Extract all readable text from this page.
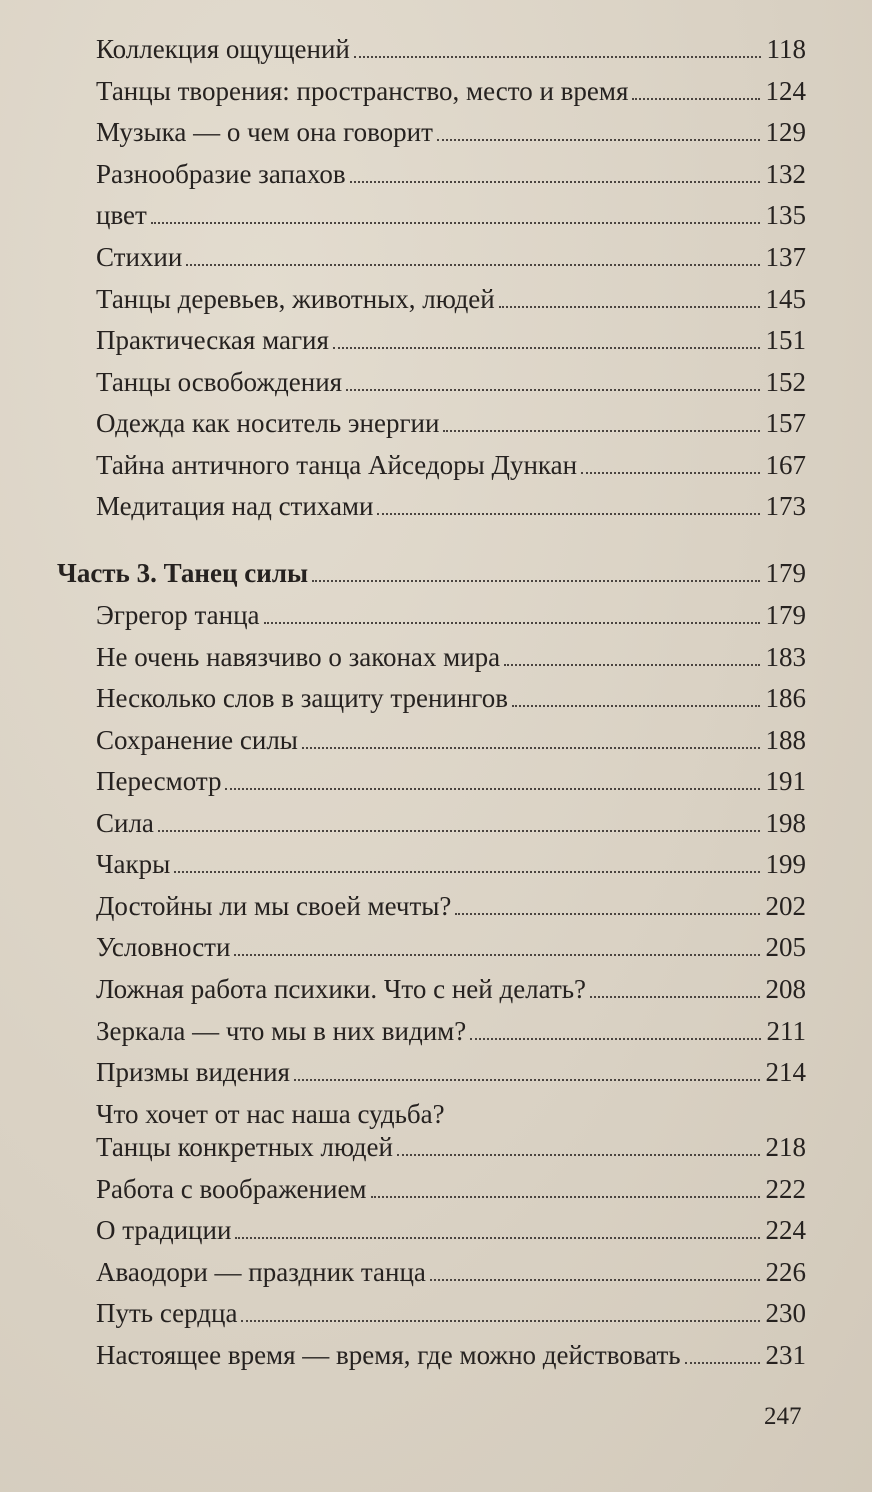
Коллекция ощущений	118
Танцы творения: пространство, место и время	124
Музыка — о чем она говорит	129
Разнообразие запахов	132
цвет	135
Стихии	137
Танцы деревьев, животных, людей	145
Практическая магия	151
Танцы освобождения	152
Одежда как носитель энергии	157
Тайна античного танца Айседоры Дункан	167
Медитация над стихами	173
Часть 3. Танец силы	179
Эгрегор танца	179
Не очень навязчиво о законах мира	183
Несколько слов в защиту тренингов	186
Сохранение силы	188
Пересмотр	191
Сила	198
Чакры	199
Достойны ли мы своей мечты?	202
Условности	205
Ложная работа психики. Что с ней делать?	208
Зеркала — что мы в них видим?	211
Призмы видения	214
Что хочет от нас наша судьба?
Танцы конкретных людей	218
Работа с воображением	222
О традиции	224
Аваодори — праздник танца	226
Путь сердца	230
Настоящее время — время, где можно действовать	231
247
